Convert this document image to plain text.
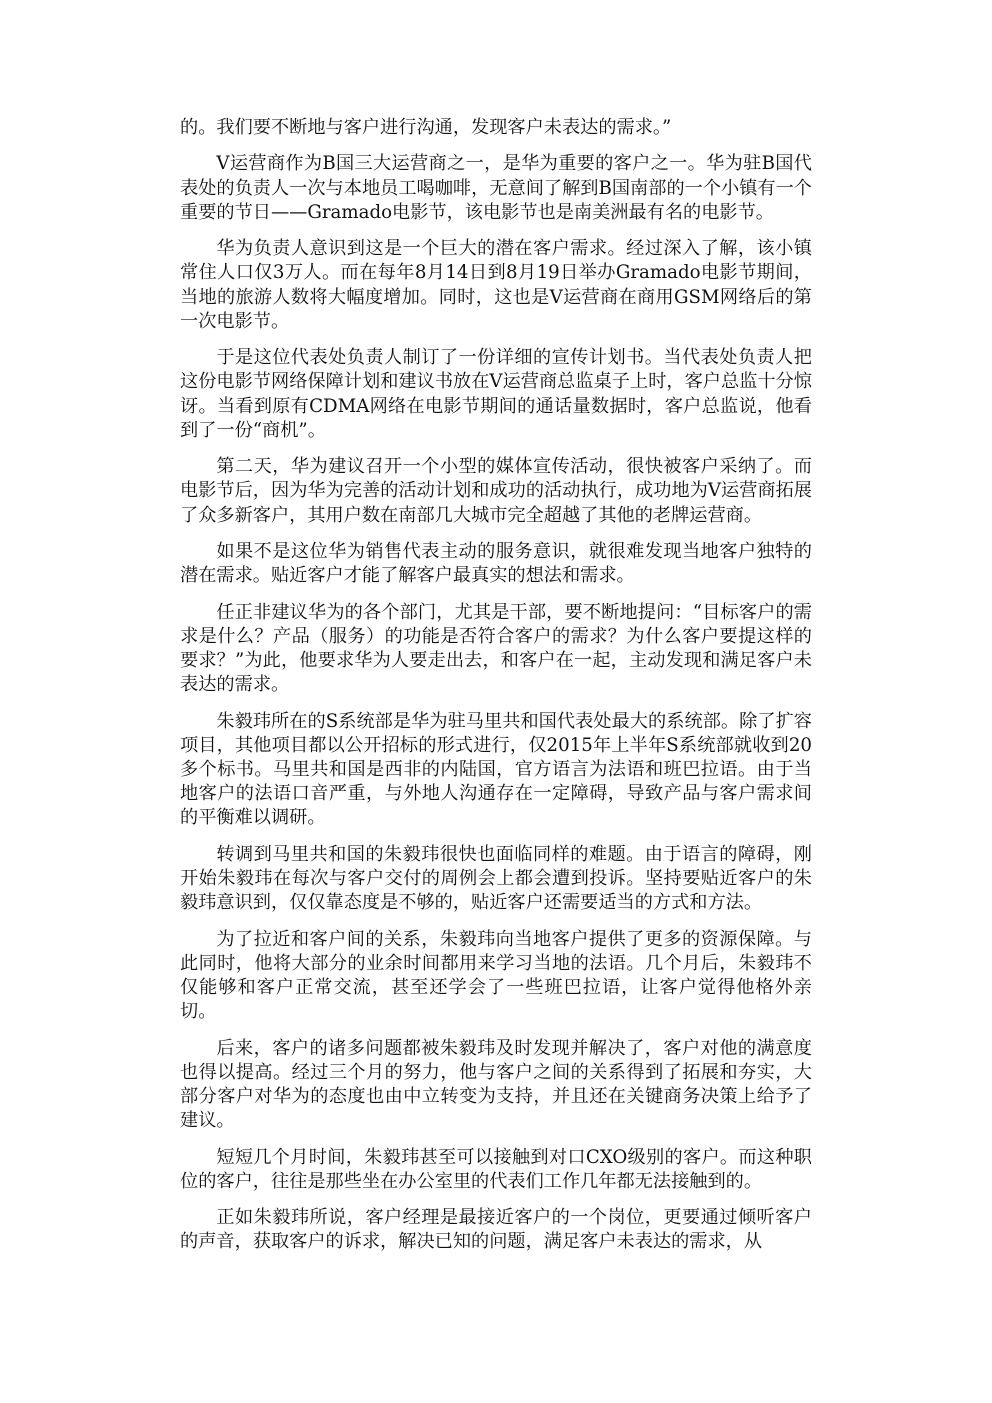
的。我们要不断地与客户进行沟通，发现客户未表达的需求。”

V运营商作为B国三大运营商之一，是华为重要的客户之一。华为驻B国代表处的负责人一次与本地员工喝咖啡，无意间了解到B国南部的一个小镇有一个重要的节日——Gramado电影节，该电影节也是南美洲最有名的电影节。

华为负责人意识到这是一个巨大的潜在客户需求。经过深入了解，该小镇常住人口仅3万人。而在每年8月14日到8月19日举办Gramado电影节期间，当地的旅游人数将大幅度增加。同时，这也是V运营商在商用GSM网络后的第一次电影节。

于是这位代表处负责人制订了一份详细的宣传计划书。当代表处负责人把这份电影节网络保障计划和建议书放在V运营商总监桌子上时，客户总监十分惊讶。当看到原有CDMA网络在电影节期间的通话量数据时，客户总监说，他看到了一份“商机”。

第二天，华为建议召开一个小型的媒体宣传活动，很快被客户采纳了。而电影节后，因为华为完善的活动计划和成功的活动执行，成功地为V运营商拓展了众多新客户，其用户数在南部几大城市完全超越了其他的老牌运营商。

如果不是这位华为销售代表主动的服务意识，就很难发现当地客户独特的潜在需求。贴近客户才能了解客户最真实的想法和需求。

任正非建议华为的各个部门，尤其是干部，要不断地提问：“目标客户的需求是什么？产品（服务）的功能是否符合客户的需求？为什么客户要提这样的要求？”为此，他要求华为人要走出去，和客户在一起，主动发现和满足客户未表达的需求。

朱毅玮所在的S系统部是华为驻马里共和国代表处最大的系统部。除了扩容项目，其他项目都以公开招标的形式进行，仅2015年上半年S系统部就收到20多个标书。马里共和国是西非的内陆国，官方语言为法语和班巴拉语。由于当地客户的法语口音严重，与外地人沟通存在一定障碍，导致产品与客户需求间的平衡难以调研。

转调到马里共和国的朱毅玮很快也面临同样的难题。由于语言的障碍，刚开始朱毅玮在每次与客户交付的周例会上都会遭到投诉。坚持要贴近客户的朱毅玮意识到，仅仅靠态度是不够的，贴近客户还需要适当的方式和方法。

为了拉近和客户间的关系，朱毅玮向当地客户提供了更多的资源保障。与此同时，他将大部分的业余时间都用来学习当地的法语。几个月后，朱毅玮不仅能够和客户正常交流，甚至还学会了一些班巴拉语，让客户觉得他格外亲切。

后来，客户的诸多问题都被朱毅玮及时发现并解决了，客户对他的满意度也得以提高。经过三个月的努力，他与客户之间的关系得到了拓展和夯实，大部分客户对华为的态度也由中立转变为支持，并且还在关键商务决策上给予了建议。

短短几个月时间，朱毅玮甚至可以接触到对口CXO级别的客户。而这种职位的客户，往往是那些坐在办公室里的代表们工作几年都无法接触到的。

正如朱毅玮所说，客户经理是最接近客户的一个岗位，更要通过倾听客户的声音，获取客户的诉求，解决已知的问题，满足客户未表达的需求，从
